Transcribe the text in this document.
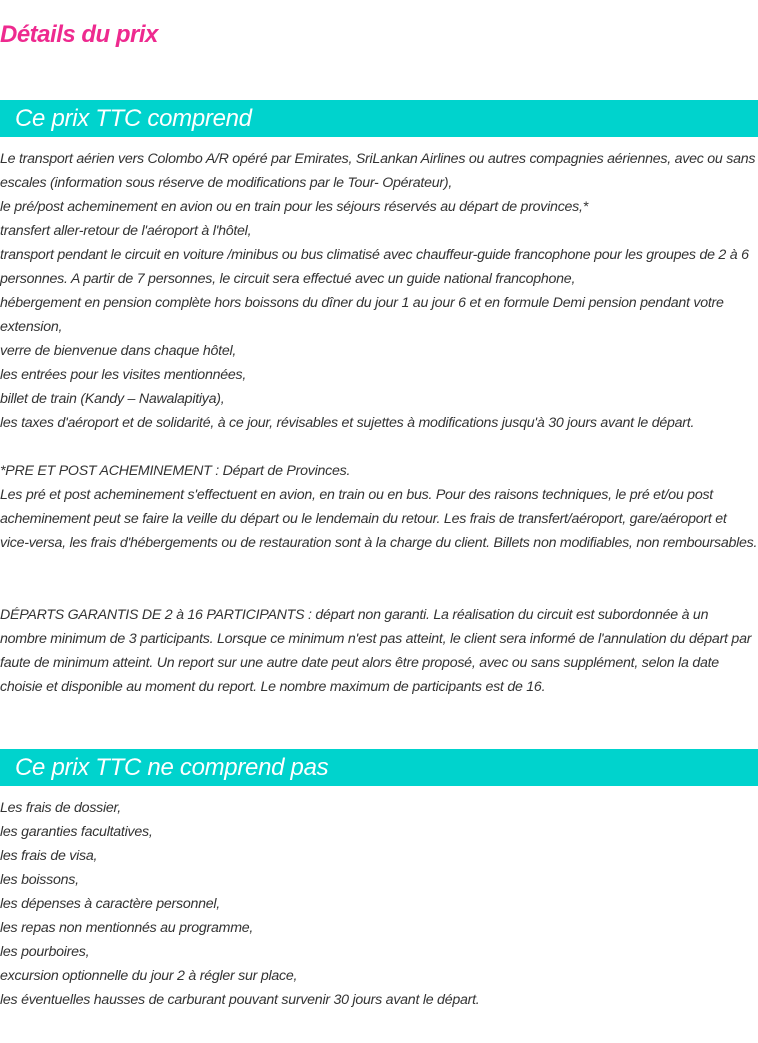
Détails du prix
Ce prix TTC comprend

Le transport aérien vers Colombo A/R opéré par Emirates, SriLankan Airlines ou autres compagnies aériennes, avec ou sans escales (information sous réserve de modifications par le Tour- Opérateur),

le pré/post acheminement en avion ou en train pour les séjours réservés au départ de provinces,*

transfert aller-retour de l'aéroport à l'hôtel,

transport pendant le circuit en voiture /minibus ou bus climatisé avec chauffeur-guide francophone pour les groupes de 2 à 6 personnes. A partir de 7 personnes, le circuit sera effectué avec un guide national francophone,

hébergement en pension complète hors boissons du dîner du jour 1 au jour 6 et en formule Demi pension pendant votre extension,

verre de bienvenue dans chaque hôtel,

les entrées pour les visites mentionnées,

billet de train (Kandy – Nawalapitiya),

les taxes d'aéroport et de solidarité, à ce jour, révisables et sujettes à modifications jusqu'à 30 jours avant le départ.

*PRE ET POST ACHEMINEMENT : Départ de Provinces.

Les pré et post acheminement s'effectuent en avion, en train ou en bus. Pour des raisons techniques, le pré et/ou post acheminement peut se faire la veille du départ ou le lendemain du retour. Les frais de transfert/aéroport, gare/aéroport et vice-versa, les frais d'hébergements ou de restauration sont à la charge du client. Billets non modifiables, non remboursables.

DÉPARTS GARANTIS DE 2 à 16 PARTICIPANTS : départ non garanti. La réalisation du circuit est subordonnée à un nombre minimum de 3 participants. Lorsque ce minimum n'est pas atteint, le client sera informé de l'annulation du départ par faute de minimum atteint. Un report sur une autre date peut alors être proposé, avec ou sans supplément, selon la date choisie et disponible au moment du report. Le nombre maximum de participants est de 16.

Ce prix TTC ne comprend pas

Les frais de dossier,

les garanties facultatives,

les frais de visa,

les boissons,

les dépenses à caractère personnel,

les repas non mentionnés au programme,

les pourboires,

excursion optionnelle du jour 2 à régler sur place,

les éventuelles hausses de carburant pouvant survenir 30 jours avant le départ.
